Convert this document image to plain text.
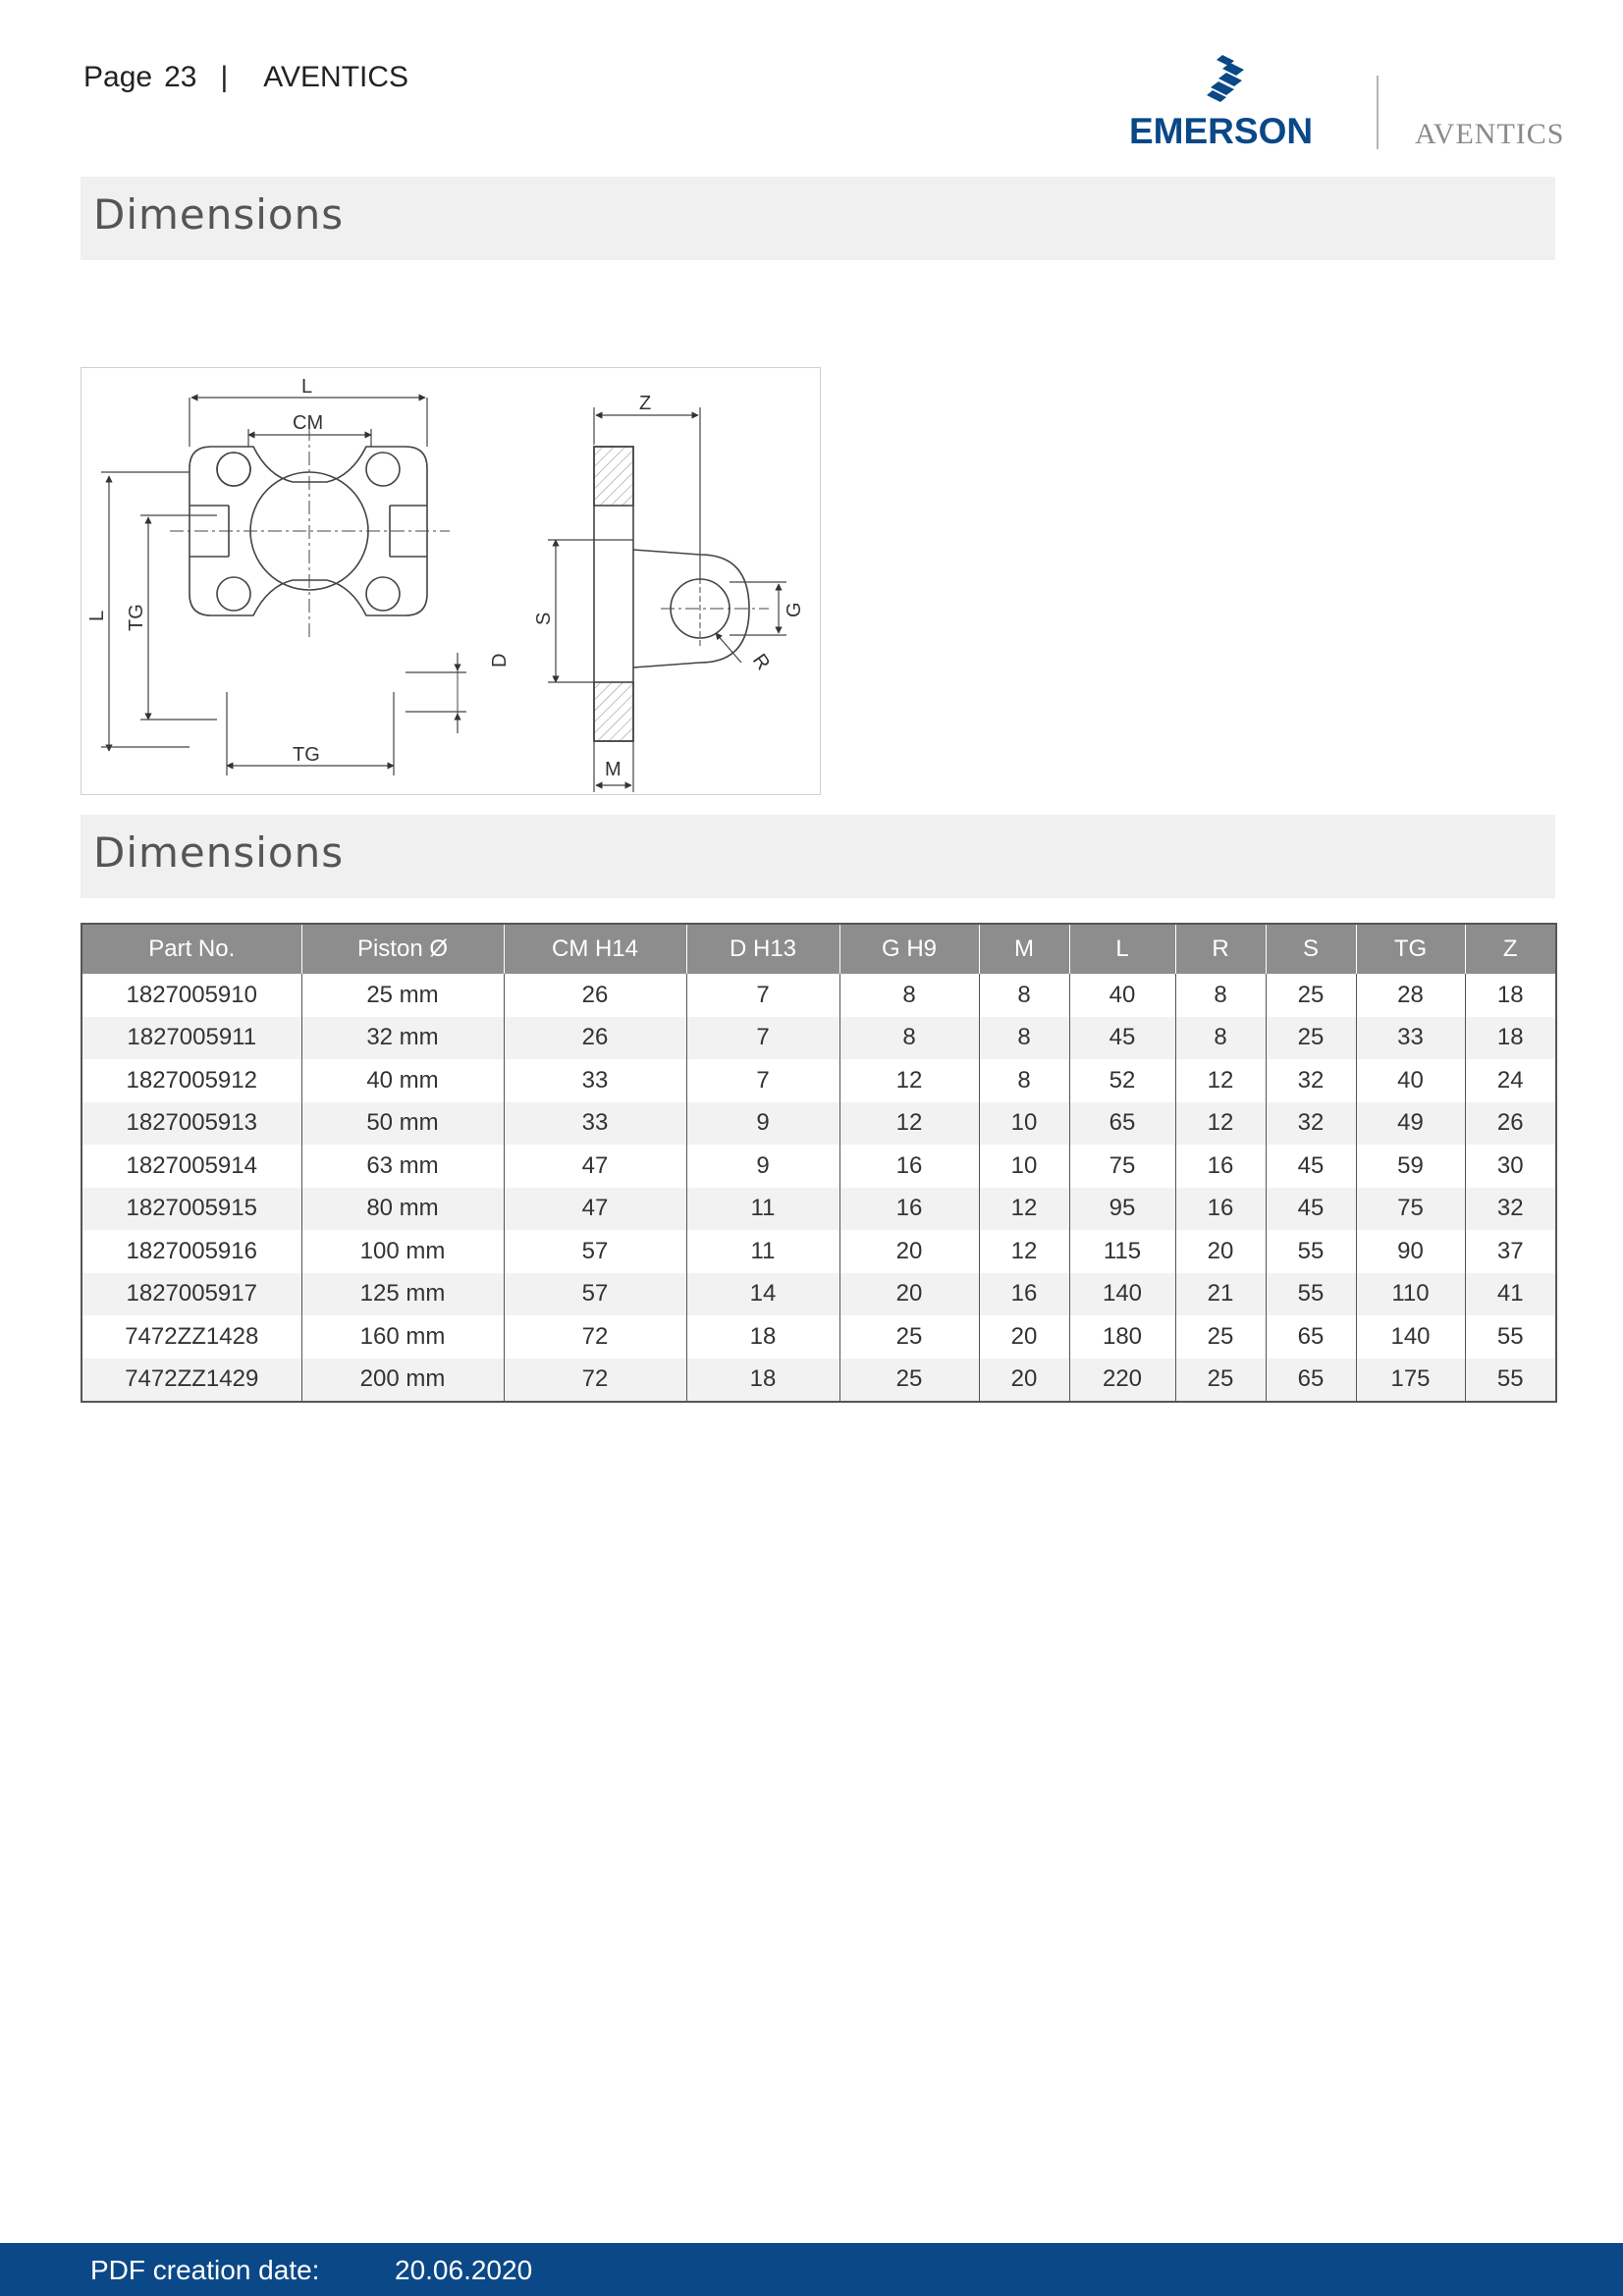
Page 23 | AVENTICS
EMERSON	AVENTICS
Dimensions
L
CM
L TG
D
TG
Z
S
G
R
M
Dimensions
Part No.	Piston Ø	CM H14	D H13	G H9	M	L	R	S	TG	Z
1827005910	25 mm	26	7	8	8	40	8	25	28	18
1827005911	32 mm	26	7	8	8	45	8	25	33	18
1827005912	40 mm	33	7	12	8	52	12	32	40	24
1827005913	50 mm	33	9	12	10	65	12	32	49	26
1827005914	63 mm	47	9	16	10	75	16	45	59	30
1827005915	80 mm	47	11	16	12	95	16	45	75	32
1827005916	100 mm	57	11	20	12	115	20	55	90	37
1827005917	125 mm	57	14	20	16	140	21	55	110	41
7472ZZ1428	160 mm	72	18	25	20	180	25	65	140	55
7472ZZ1429	200 mm	72	18	25	20	220	25	65	175	55
PDF creation date:	20.06.2020
